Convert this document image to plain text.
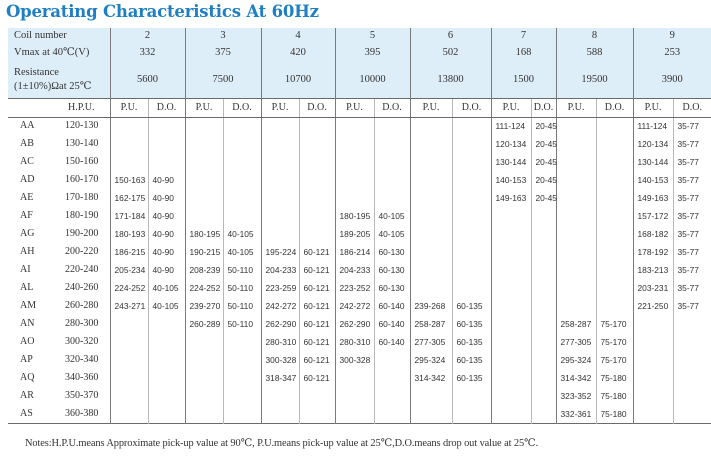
Operating Characteristics At 60Hz
Coil number		2		3		4		5		6		7		8		9	
Vmax at 40℃(V)		332		375		420		395		502		168		588		253	
Resistance
(1±10%)Ωat 25℃		5600		7500		10700		10000		13800		1500		19500		3900	
	H.P.U.	P.U.	D.O.	P.U.	D.O.	P.U.	D.O.	P.U.	D.O.	P.U.	D.O.	P.U.	D.O.	P.U.	D.O.	P.U.	D.O.
AA	120-130											111-124	20-45			111-124	35-77
AB	130-140											120-134	20-45			120-134	35-77
AC	150-160											130-144	20-45			130-144	35-77
AD	160-170	150-163	40-90									140-153	20-45			140-153	35-77
AE	170-180	162-175	40-90									149-163	20-45			149-163	35-77
AF	180-190	171-184	40-90					180-195	40-105							157-172	35-77
AG	190-200	180-193	40-90	180-195	40-105			189-205	40-105							168-182	35-77
AH	200-220	186-215	40-90	190-215	40-105	195-224	60-121	186-214	60-130							178-192	35-77
AI	220-240	205-234	40-90	208-239	50-110	204-233	60-121	204-233	60-130							183-213	35-77
AL	240-260	224-252	40-105	224-252	50-110	223-259	60-121	223-252	60-130							203-231	35-77
AM	260-280	243-271	40-105	239-270	50-110	242-272	60-121	242-272	60-140	239-268	60-135					221-250	35-77
AN	280-300			260-289	50-110	262-290	60-121	262-290	60-140	258-287	60-135			258-287	75-170		
AO	300-320					280-310	60-121	280-310	60-140	277-305	60-135			277-305	75-170		
AP	320-340					300-328	60-121	300-328		295-324	60-135			295-324	75-170		
AQ	340-360					318-347	60-121			314-342	60-135			314-342	75-180		
AR	350-370													323-352	75-180		
AS	360-380													332-361	75-180		

Notes:H.P.U.means Approximate pick-up value at 90℃, P.U.means pick-up value at 25℃,D.O.means drop out value at 25℃.
